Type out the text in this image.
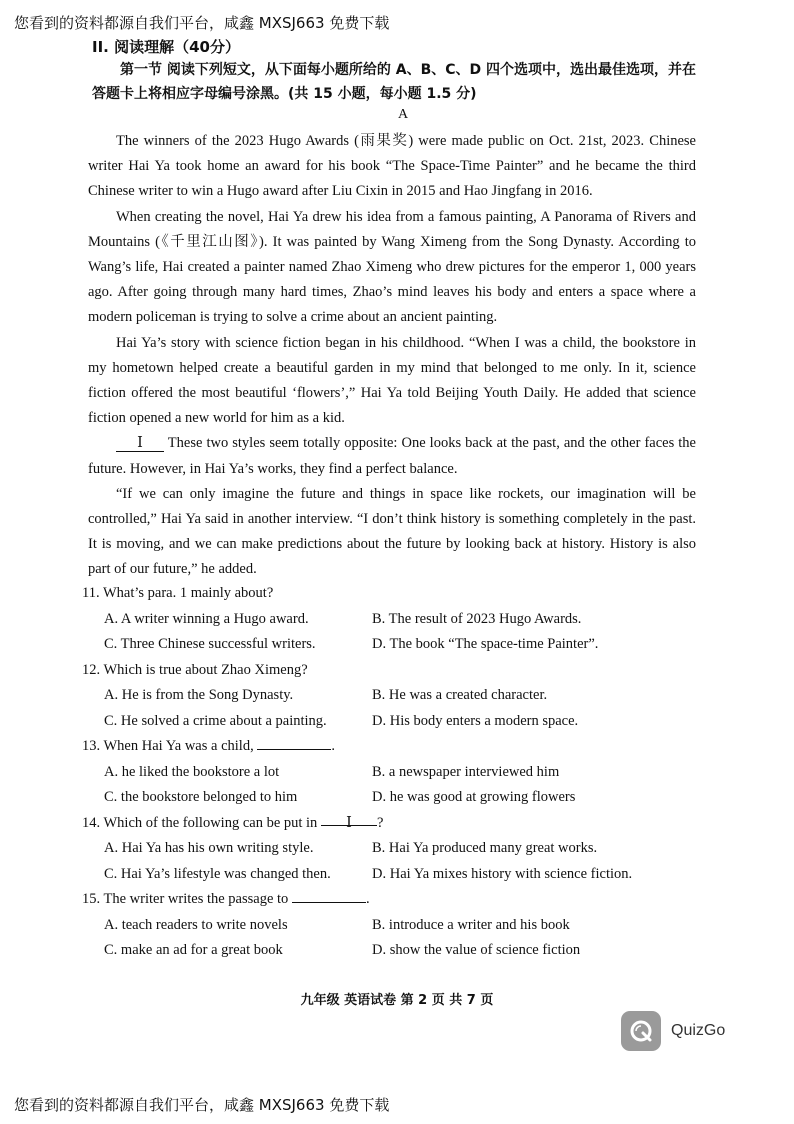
您看到的资料都源自我们平台，咸鑫 MXSJ663 免费下载
II. 阅读理解（40分）
第一节 阅读下列短文，从下面每小题所给的 A、B、C、D 四个选项中，选出最佳选项，并在答题卡上将相应字母编号涂黑。(共 15 小题，每小题 1.5 分)
A

The winners of the 2023 Hugo Awards (雨果奖) were made public on Oct. 21st, 2023. Chinese writer Hai Ya took home an award for his book “The Space-Time Painter” and he became the third Chinese writer to win a Hugo award after Liu Cixin in 2015 and Hao Jingfang in 2016.

When creating the novel, Hai Ya drew his idea from a famous painting, A Panorama of Rivers and Mountains (《千里江山图》). It was painted by Wang Ximeng from the Song Dynasty. According to Wang’s life, Hai created a painter named Zhao Ximeng who drew pictures for the emperor 1, 000 years ago. After going through many hard times, Zhao’s mind leaves his body and enters a space where a modern policeman is trying to solve a crime about an ancient painting.

Hai Ya’s story with science fiction began in his childhood. “When I was a child, the bookstore in my hometown helped create a beautiful garden in my mind that belonged to me only. In it, science fiction offered the most beautiful ‘flowers’,” Hai Ya told Beijing Youth Daily. He added that science fiction opened a new world for him as a kid.

Ⅰ These two styles seem totally opposite: One looks back at the past, and the other faces the future. However, in Hai Ya’s works, they find a perfect balance.

“If we can only imagine the future and things in space like rockets, our imagination will be controlled,” Hai Ya said in another interview. “I don’t think history is something completely in the past. It is moving, and we can make predictions about the future by looking back at history. History is also part of our future,” he added.

11. What’s para. 1 mainly about?
A. A writer winning a Hugo award.	B. The result of 2023 Hugo Awards.
C. Three Chinese successful writers.	D. The book “The space-time Painter”.
12. Which is true about Zhao Ximeng?
A. He is from the Song Dynasty.	B. He was a created character.
C. He solved a crime about a painting.	D. His body enters a modern space.
13. When Hai Ya was a child,	.
A. he liked the bookstore a lot	B. a newspaper interviewed him
C. the bookstore belonged to him	D. he was good at growing flowers
14. Which of the following can be put in Ⅰ ?
A. Hai Ya has his own writing style.	B. Hai Ya produced many great works.
C. Hai Ya’s lifestyle was changed then.	D. Hai Ya mixes history with science fiction.
15. The writer writes the passage to	.
A. teach readers to write novels	B. introduce a writer and his book
C. make an ad for a great book	D. show the value of science fiction
九年级 英语试卷 第 2 页 共 7 页
QuizGo
您看到的资料都源自我们平台，咸鑫 MXSJ663 免费下载
